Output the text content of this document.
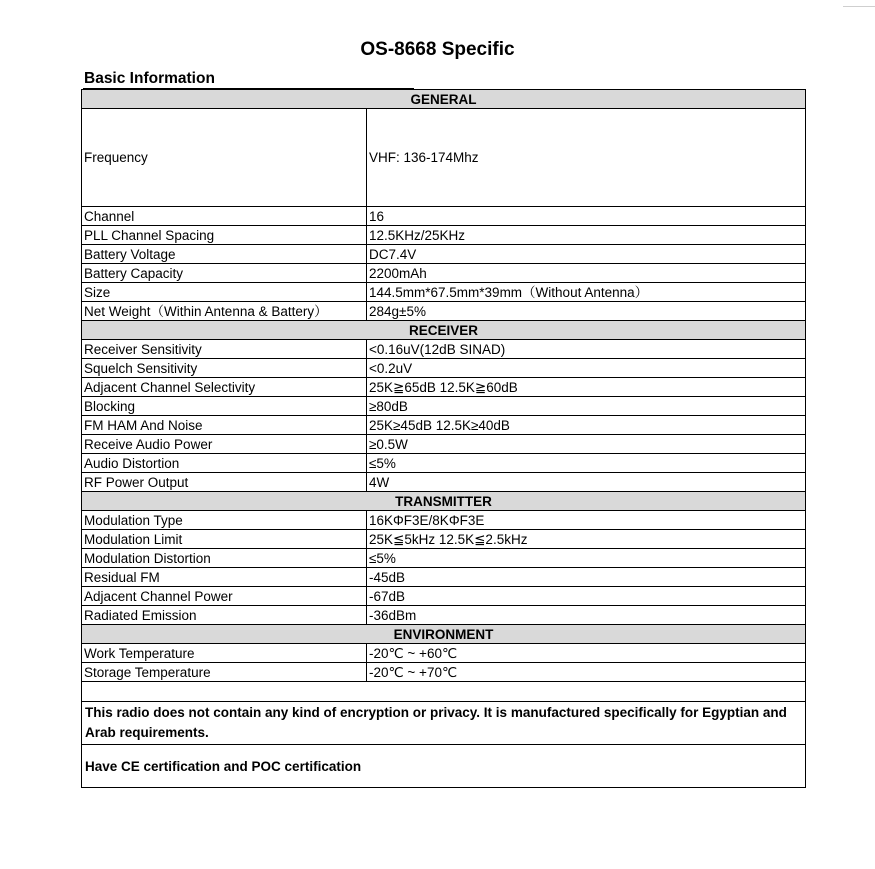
OS-8668 Specific
Basic Information
GENERAL	
Frequency	VHF: 136-174Mhz
Channel	16
PLL Channel Spacing	12.5KHz/25KHz
Battery Voltage	DC7.4V
Battery Capacity	2200mAh
Size	144.5mm*67.5mm*39mm（Without Antenna）
Net Weight（Within Antenna & Battery）	284g±5%
RECEIVER	
Receiver Sensitivity	<0.16uV(12dB SINAD)
Squelch Sensitivity	<0.2uV
Adjacent Channel Selectivity	25K≧65dB 12.5K≧60dB
Blocking	≥80dB
FM HAM And Noise	25K≥45dB 12.5K≥40dB
Receive Audio Power	≥0.5W
Audio Distortion	≤5%
RF Power Output	4W
TRANSMITTER	
Modulation Type	16KΦF3E/8KΦF3E
Modulation Limit	25K≦5kHz 12.5K≦2.5kHz
Modulation Distortion	≤5%
Residual FM	-45dB
Adjacent Channel Power	-67dB
Radiated Emission	-36dBm
ENVIRONMENT	
Work Temperature	-20℃ ~ +60℃
Storage Temperature	-20℃ ~ +70℃

This radio does not contain any kind of encryption or privacy. It is manufactured specifically for Egyptian and Arab requirements.	
Have CE certification and POC certification	
